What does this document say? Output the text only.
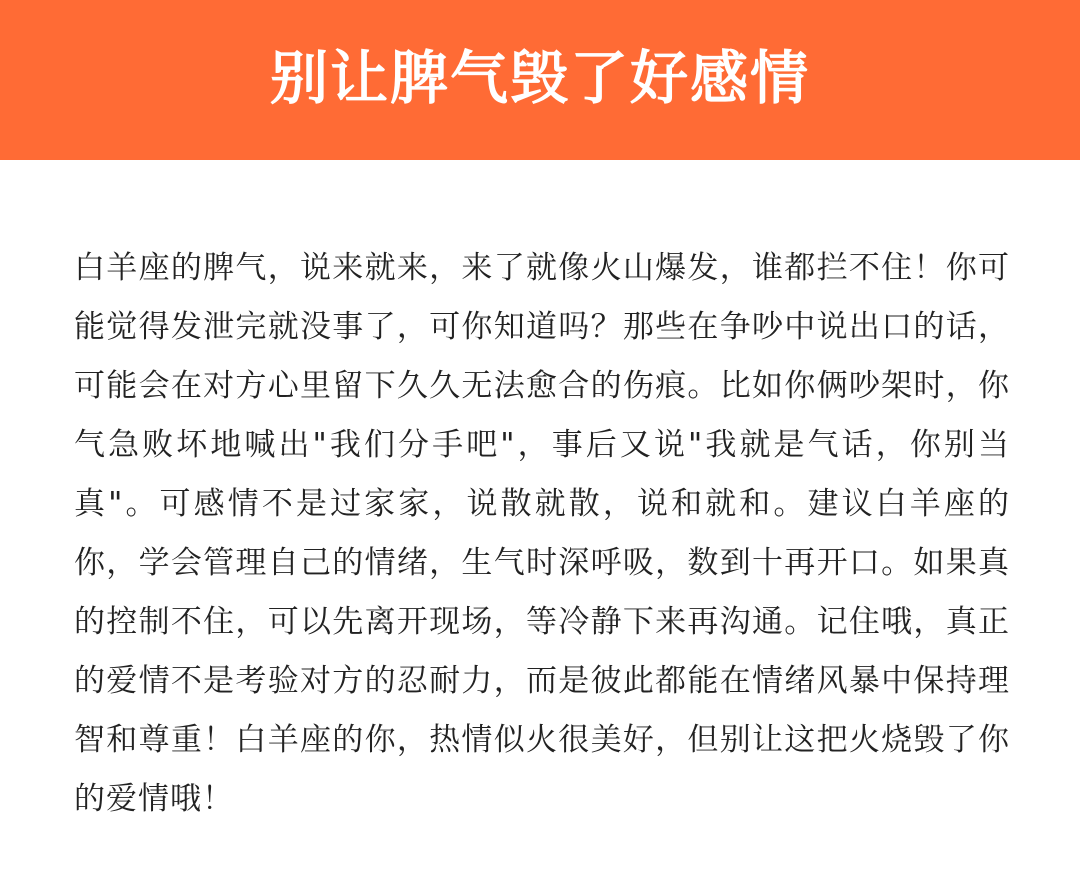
别让脾气毁了好感情

白羊座的脾气，说来就来，来了就像火山爆发，谁都拦不住！你可能觉得发泄完就没事了，可你知道吗？那些在争吵中说出口的话，可能会在对方心里留下久久无法愈合的伤痕。比如你俩吵架时，你气急败坏地喊出"我们分手吧"，事后又说"我就是气话，你别当真"。可感情不是过家家，说散就散，说和就和。建议白羊座的你，学会管理自己的情绪，生气时深呼吸，数到十再开口。如果真的控制不住，可以先离开现场，等冷静下来再沟通。记住哦，真正的爱情不是考验对方的忍耐力，而是彼此都能在情绪风暴中保持理智和尊重！白羊座的你，热情似火很美好，但别让这把火烧毁了你的爱情哦！
